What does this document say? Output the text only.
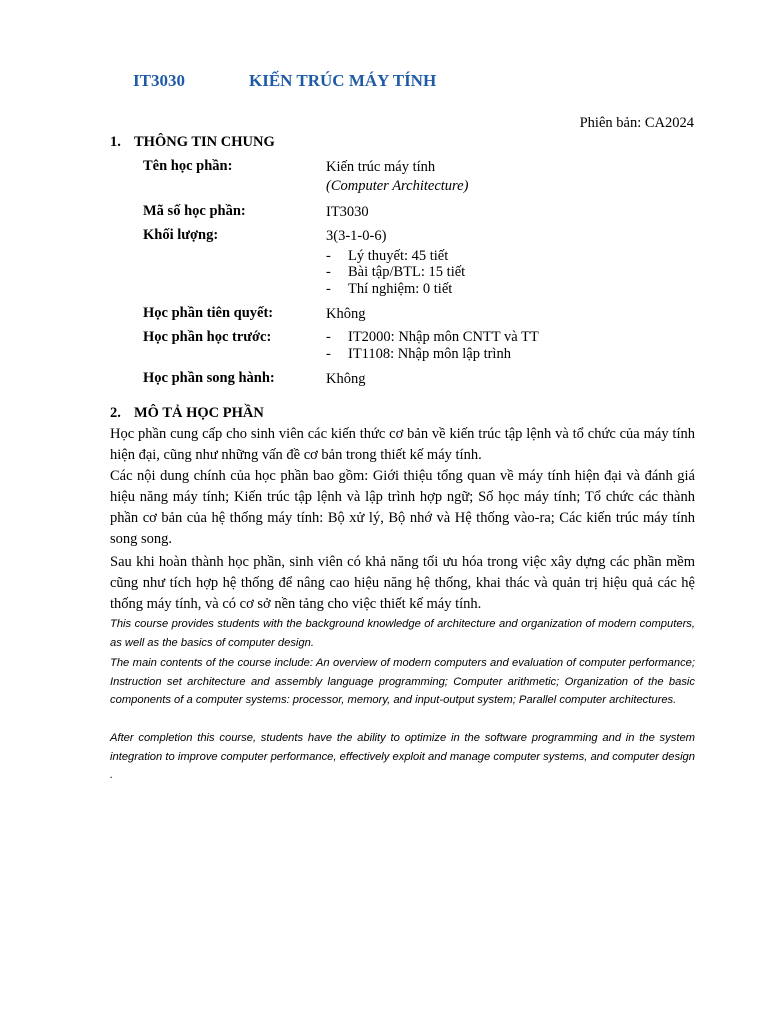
IT3030	KIẾN TRÚC MÁY TÍNH
Phiên bản: CA2024
1. THÔNG TIN CHUNG
Tên học phần:	Kiến trúc máy tính
(Computer Architecture)
Mã số học phần:	IT3030
Khối lượng:	3(3-1-0-6)
- Lý thuyết: 45 tiết
- Bài tập/BTL: 15 tiết
- Thí nghiệm: 0 tiết
Học phần tiên quyết:	Không
Học phần học trước:	- IT2000: Nhập môn CNTT và TT
- IT1108: Nhập môn lập trình
Học phần song hành:	Không
2. MÔ TẢ HỌC PHẦN

Học phần cung cấp cho sinh viên các kiến thức cơ bản về kiến trúc tập lệnh và tổ chức của máy tính hiện đại, cũng như những vấn đề cơ bản trong thiết kế máy tính.

Các nội dung chính của học phần bao gồm: Giới thiệu tổng quan về máy tính hiện đại và đánh giá hiệu năng máy tính; Kiến trúc tập lệnh và lập trình hợp ngữ; Số học máy tính; Tổ chức các thành phần cơ bản của hệ thống máy tính: Bộ xử lý, Bộ nhớ và Hệ thống vào-ra; Các kiến trúc máy tính song song.

Sau khi hoàn thành học phần, sinh viên có khả năng tối ưu hóa trong việc xây dựng các phần mềm cũng như tích hợp hệ thống để nâng cao hiệu năng hệ thống, khai thác và quản trị hiệu quả các hệ thống máy tính, và có cơ sở nền tảng cho việc thiết kế máy tính.

This course provides students with the background knowledge of architecture and organization of modern computers, as well as the basics of computer design.

The main contents of the course include: An overview of modern computers and evaluation of computer performance; Instruction set architecture and assembly language programming; Computer arithmetic; Organization of the basic components of a computer systems: processor, memory, and input-output system; Parallel computer architectures.

After completion this course, students have the ability to optimize in the software programming and in the system integration to improve computer performance, effectively exploit and manage computer systems, and computer design .
